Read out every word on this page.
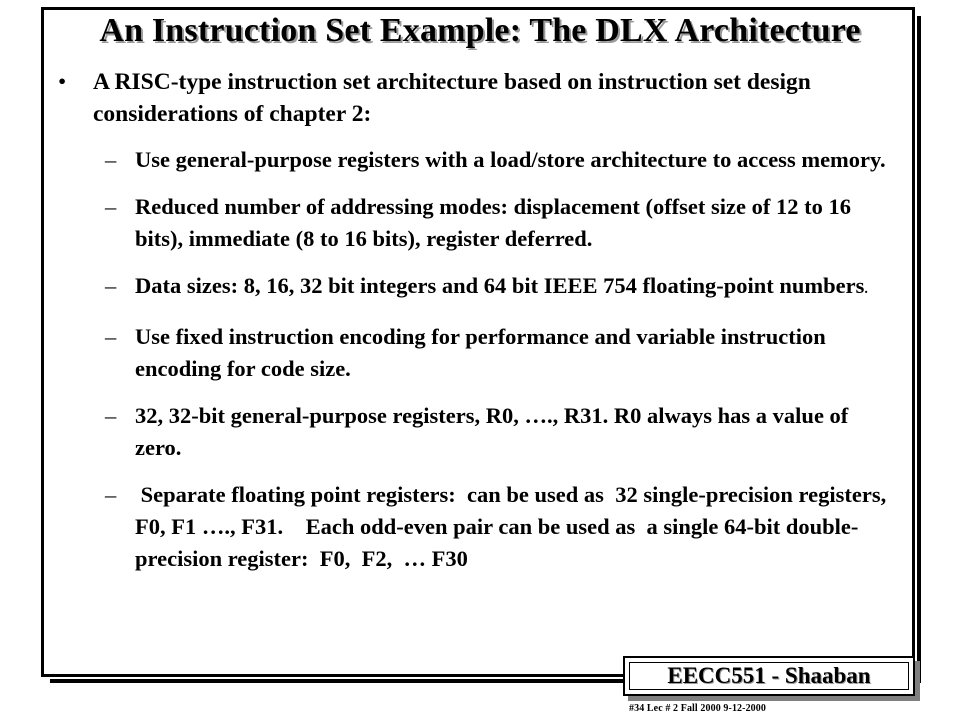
An Instruction Set Example: The DLX Architecture
•	A RISC-type instruction set architecture based on instruction set design considerations of chapter 2:
– Use general-purpose registers with a load/store architecture to access memory.
– Reduced number of addressing modes: displacement (offset size of 12 to 16 bits), immediate (8 to 16 bits), register deferred.
– Data sizes: 8, 16, 32 bit integers and 64 bit IEEE 754 floating-point numbers.
– Use fixed instruction encoding for performance and variable instruction encoding for code size.
– 32, 32-bit general-purpose registers, R0, …., R31. R0 always has a value of zero.
– Separate floating point registers:  can be used as  32 single-precision registers,  F0, F1 …., F31.    Each odd-even pair can be used as  a single 64-bit double-precision register:  F0,  F2,  … F30
EECC551 - Shaaban
#34 Lec # 2 Fall 2000 9-12-2000
